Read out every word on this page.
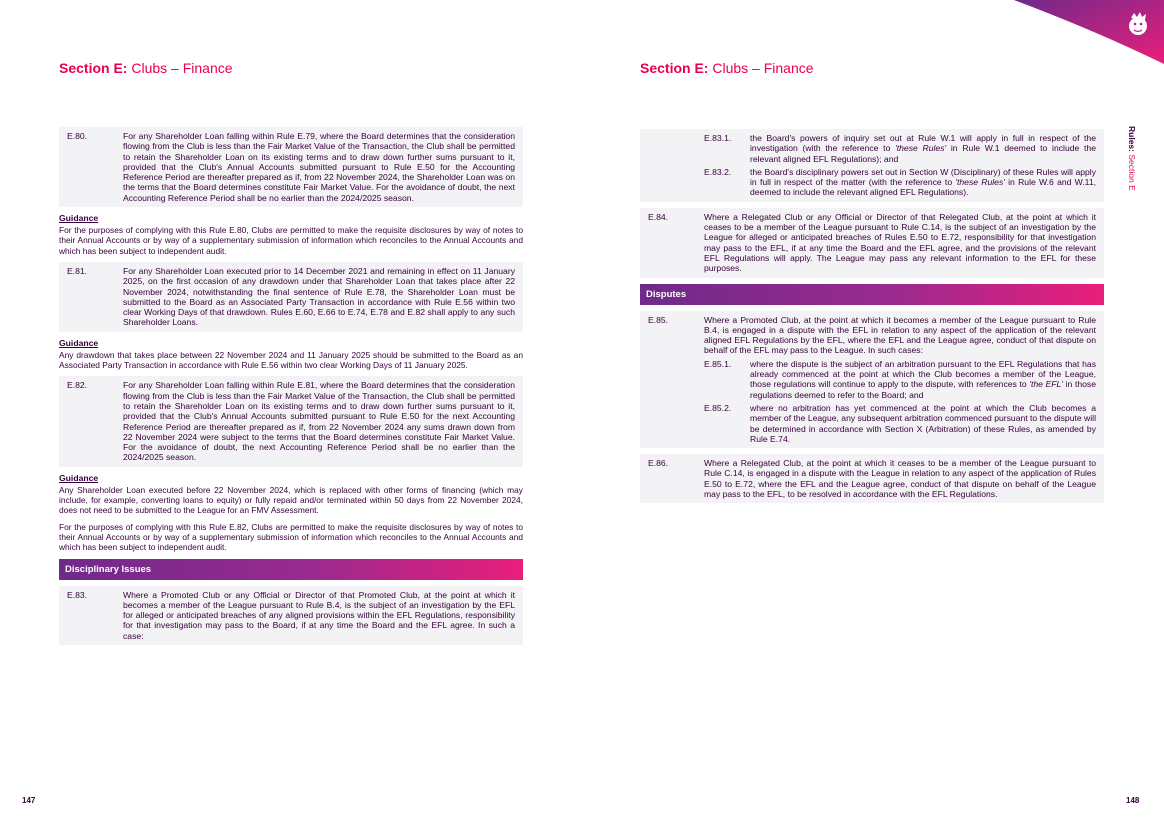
Section E: Clubs – Finance
E.80.	For any Shareholder Loan falling within Rule E.79, where the Board determines that the consideration flowing from the Club is less than the Fair Market Value of the Transaction, the Club shall be permitted to retain the Shareholder Loan on its existing terms and to draw down further sums pursuant to it, provided that the Club's Annual Accounts submitted pursuant to Rule E.50 for the Accounting Reference Period are thereafter prepared as if, from 22 November 2024, the Shareholder Loan was on the terms that the Board determines constitute Fair Market Value. For the avoidance of doubt, the next Accounting Reference Period shall be no earlier than the 2024/2025 season.
Guidance

For the purposes of complying with this Rule E.80, Clubs are permitted to make the requisite disclosures by way of notes to their Annual Accounts or by way of a supplementary submission of information which reconciles to the Annual Accounts and which has been subject to independent audit.

E.81.	For any Shareholder Loan executed prior to 14 December 2021 and remaining in effect on 11 January 2025, on the first occasion of any drawdown under that Shareholder Loan that takes place after 22 November 2024, notwithstanding the final sentence of Rule E.78, the Shareholder Loan must be submitted to the Board as an Associated Party Transaction in accordance with Rule E.56 within two clear Working Days of that drawdown. Rules E.60, E.66 to E.74, E.78 and E.82 shall apply to any such Shareholder Loans.
Guidance

Any drawdown that takes place between 22 November 2024 and 11 January 2025 should be submitted to the Board as an Associated Party Transaction in accordance with Rule E.56 within two clear Working Days of 11 January 2025.

E.82.	For any Shareholder Loan falling within Rule E.81, where the Board determines that the consideration flowing from the Club is less than the Fair Market Value of the Transaction, the Club shall be permitted to retain the Shareholder Loan on its existing terms and to draw down further sums pursuant to it, provided that the Club's Annual Accounts submitted pursuant to Rule E.50 for the next Accounting Reference Period are thereafter prepared as if, from 22 November 2024 any sums drawn down from 22 November 2024 were subject to the terms that the Board determines constitute Fair Market Value. For the avoidance of doubt, the next Accounting Reference Period shall be no earlier than the 2024/2025 season.
Guidance

Any Shareholder Loan executed before 22 November 2024, which is replaced with other forms of financing (which may include, for example, converting loans to equity) or fully repaid and/or terminated within 50 days from 22 November 2024, does not need to be submitted to the League for an FMV Assessment.

For the purposes of complying with this Rule E.82, Clubs are permitted to make the requisite disclosures by way of notes to their Annual Accounts or by way of a supplementary submission of information which reconciles to the Annual Accounts and which has been subject to independent audit.

Disciplinary Issues
E.83.	Where a Promoted Club or any Official or Director of that Promoted Club, at the point at which it becomes a member of the League pursuant to Rule B.4, is the subject of an investigation by the EFL for alleged or anticipated breaches of any aligned provisions within the EFL Regulations, responsibility for that investigation may pass to the Board, if at any time the Board and the EFL agree. In such a case:
147
Section E: Clubs – Finance
E.83.1.	the Board's powers of inquiry set out at Rule W.1 will apply in full in respect of the investigation (with the reference to 'these Rules' in Rule W.1 deemed to include the relevant aligned EFL Regulations); and
E.83.2.	the Board's disciplinary powers set out in Section W (Disciplinary) of these Rules will apply in full in respect of the matter (with the reference to 'these Rules' in Rule W.6 and W.11, deemed to include the relevant aligned EFL Regulations).
E.84.	Where a Relegated Club or any Official or Director of that Relegated Club, at the point at which it ceases to be a member of the League pursuant to Rule C.14, is the subject of an investigation by the League for alleged or anticipated breaches of Rules E.50 to E.72, responsibility for that investigation may pass to the EFL, if at any time the Board and the EFL agree, and the provisions of the relevant EFL Regulations will apply. The League may pass any relevant information to the EFL for these purposes.
Disputes
E.85.	Where a Promoted Club, at the point at which it becomes a member of the League pursuant to Rule B.4, is engaged in a dispute with the EFL in relation to any aspect of the application of the relevant aligned EFL Regulations by the EFL, where the EFL and the League agree, conduct of that dispute on behalf of the EFL may pass to the League. In such cases:
E.85.1.	where the dispute is the subject of an arbitration pursuant to the EFL Regulations that has already commenced at the point at which the Club becomes a member of the League, those regulations will continue to apply to the dispute, with references to 'the EFL' in those regulations deemed to refer to the Board; and
E.85.2.	where no arbitration has yet commenced at the point at which the Club becomes a member of the League, any subsequent arbitration commenced pursuant to the dispute will be determined in accordance with Section X (Arbitration) of these Rules, as amended by Rule E.74.
E.86.	Where a Relegated Club, at the point at which it ceases to be a member of the League pursuant to Rule C.14, is engaged in a dispute with the League in relation to any aspect of the application of Rules E.50 to E.72, where the EFL and the League agree, conduct of that dispute on behalf of the League may pass to the EFL, to be resolved in accordance with the EFL Regulations.
148
Rules: Section E
